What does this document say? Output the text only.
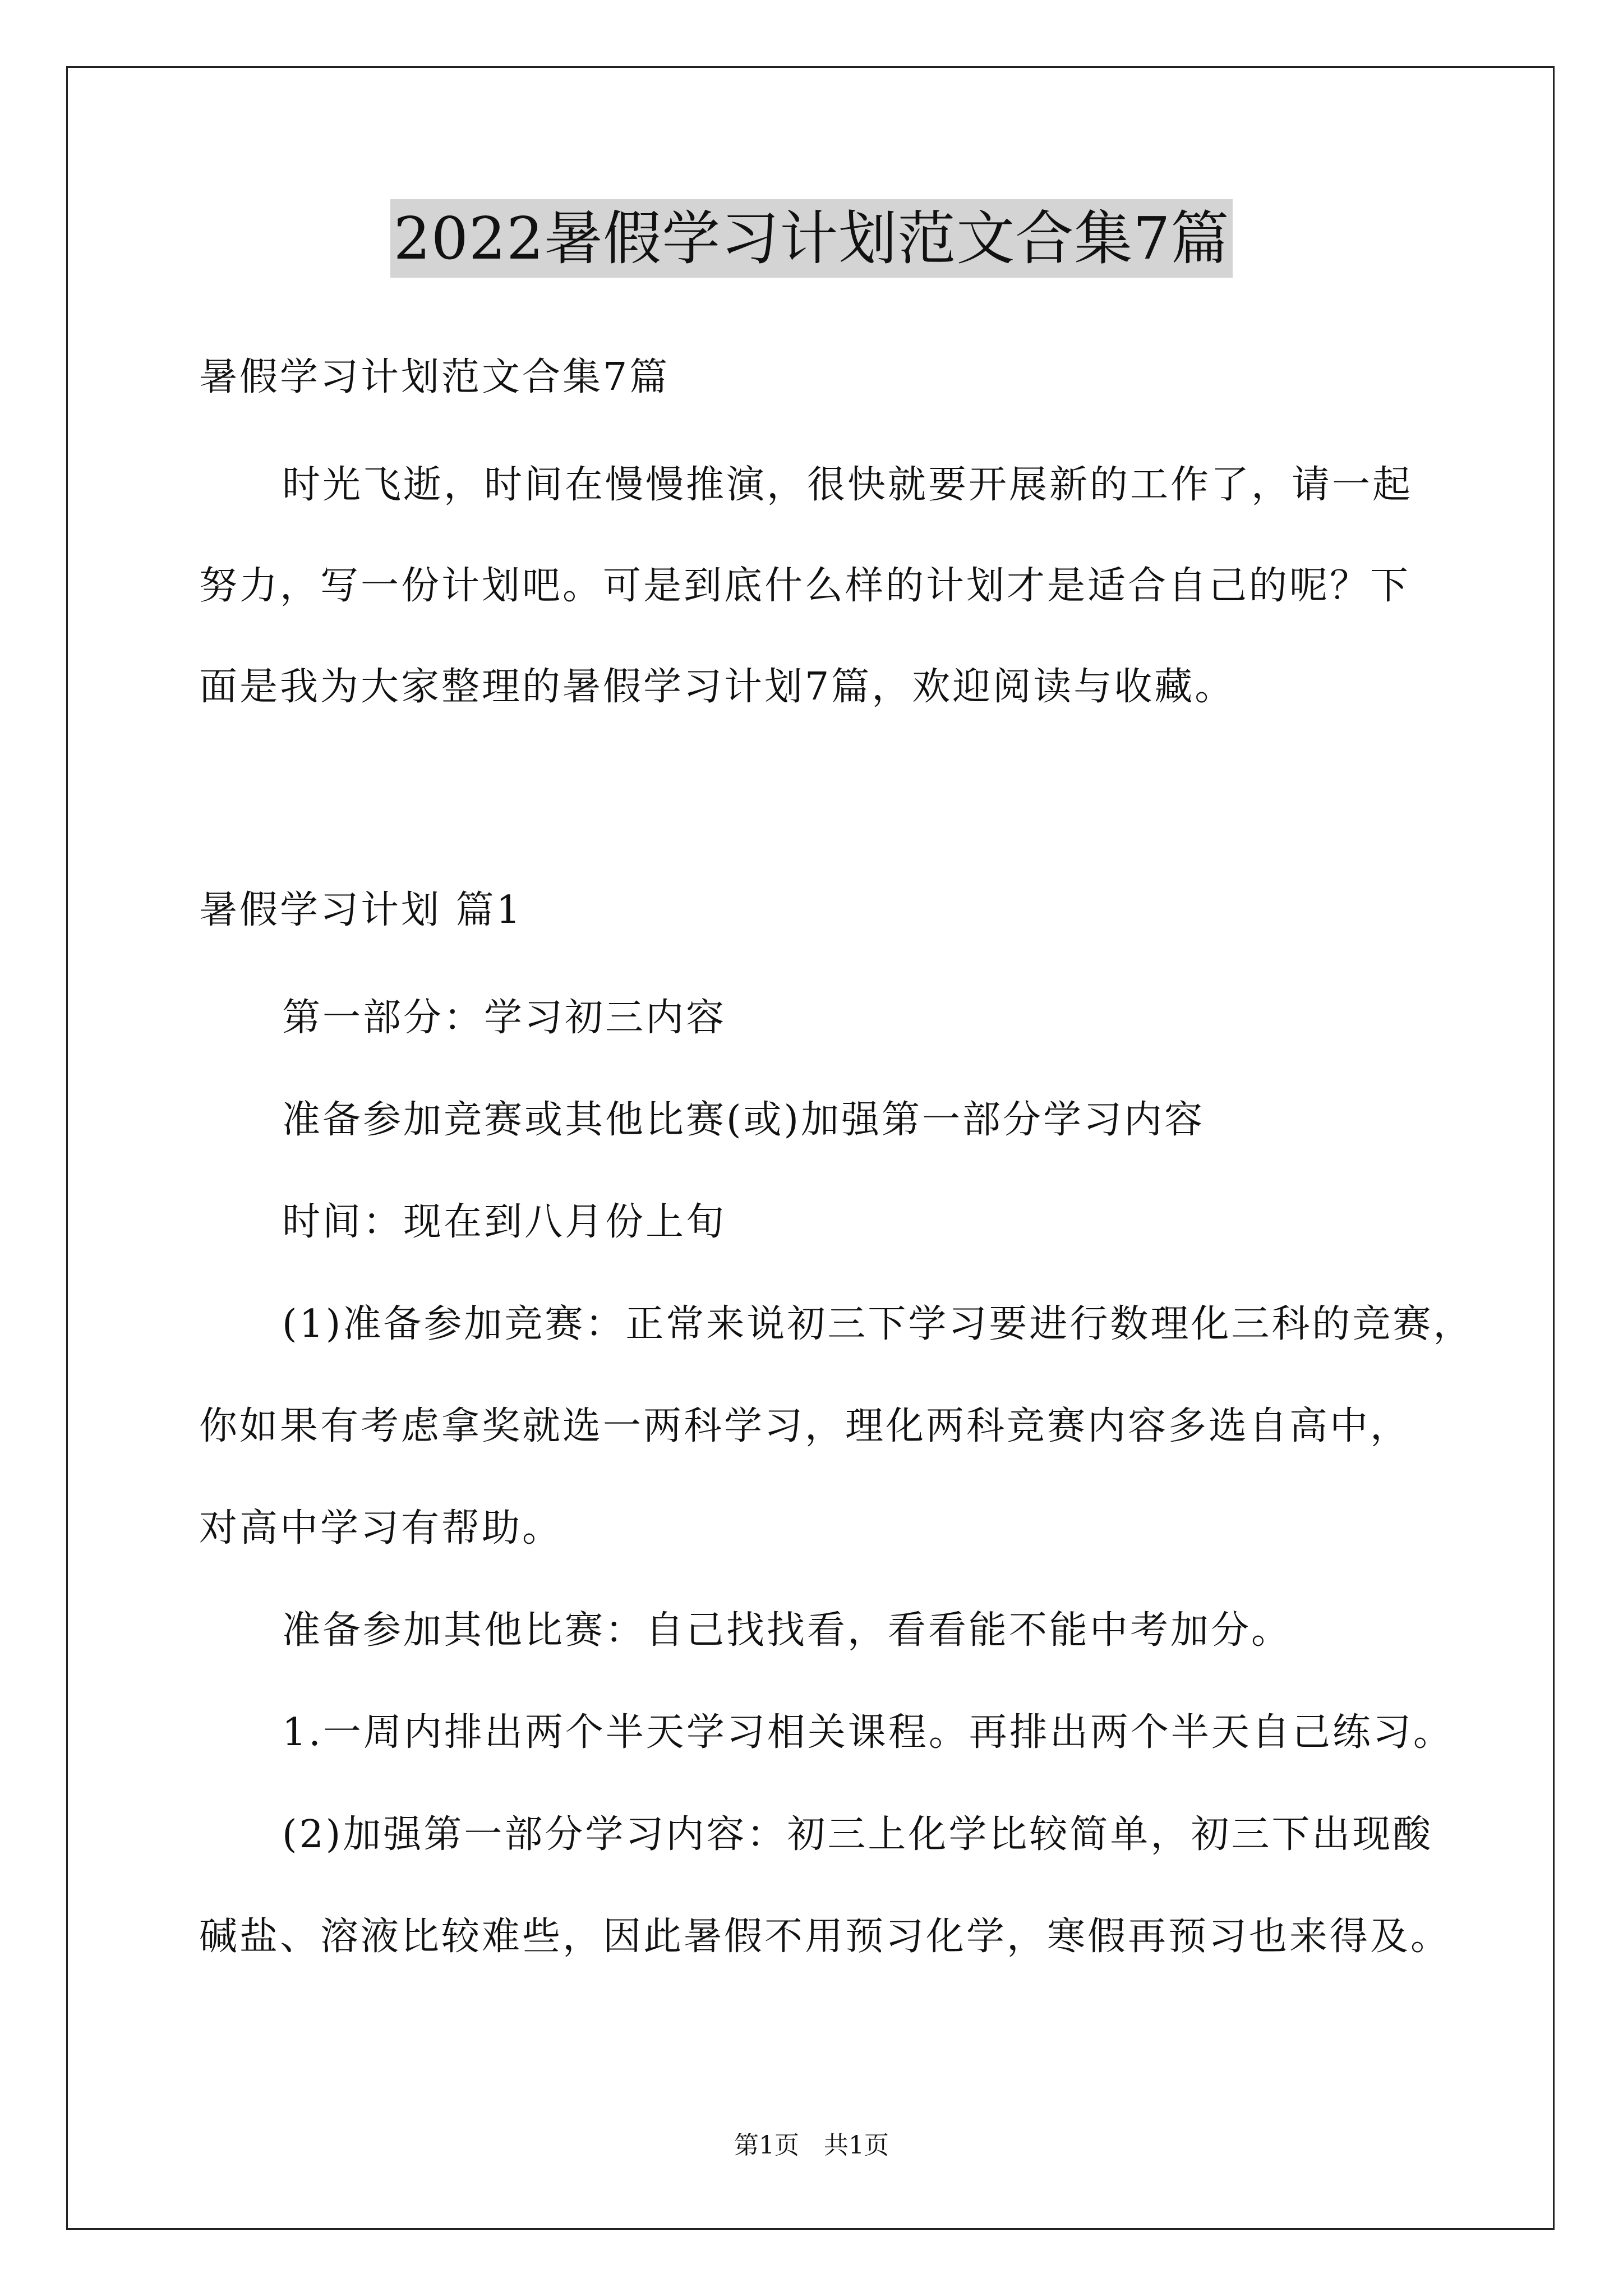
2022暑假学习计划范文合集7篇
暑假学习计划范文合集7篇
时光飞逝，时间在慢慢推演，很快就要开展新的工作了，请一起
努力，写一份计划吧。可是到底什么样的计划才是适合自己的呢？下
面是我为大家整理的暑假学习计划7篇，欢迎阅读与收藏。
暑假学习计划 篇1
第一部分：学习初三内容
准备参加竞赛或其他比赛(或)加强第一部分学习内容
时间：现在到八月份上旬
(1)准备参加竞赛：正常来说初三下学习要进行数理化三科的竞赛，
你如果有考虑拿奖就选一两科学习，理化两科竞赛内容多选自高中，
对高中学习有帮助。
准备参加其他比赛：自己找找看，看看能不能中考加分。
1.一周内排出两个半天学习相关课程。再排出两个半天自己练习。
(2)加强第一部分学习内容：初三上化学比较简单，初三下出现酸
碱盐、溶液比较难些，因此暑假不用预习化学，寒假再预习也来得及。
第1页　共1页
